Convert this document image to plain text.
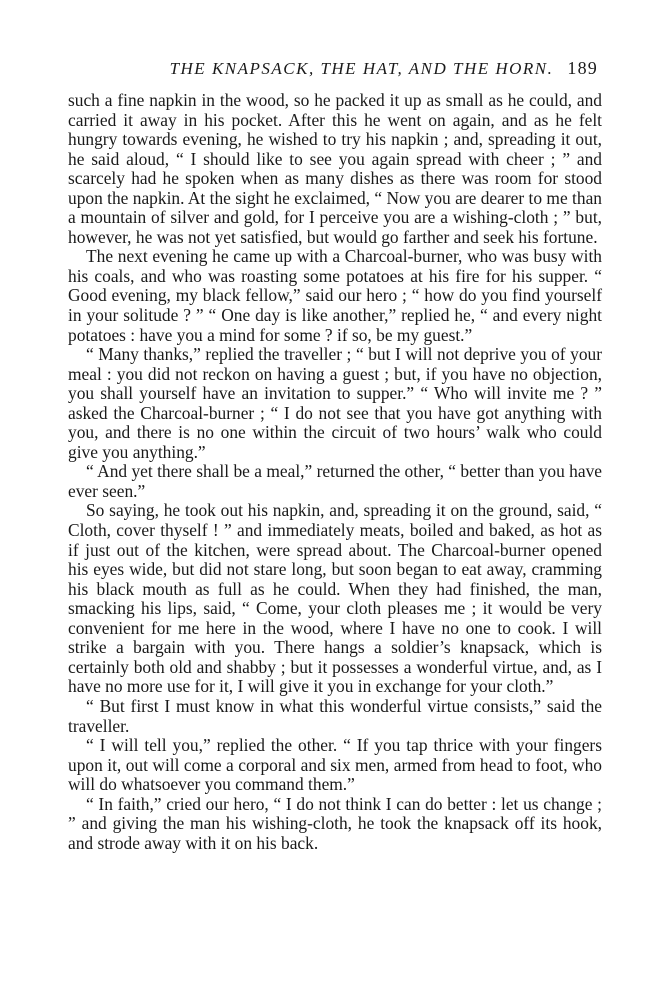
THE KNAPSACK, THE HAT, AND THE HORN. 189

such a fine napkin in the wood, so he packed it up as small as he could, and carried it away in his pocket. After this he went on again, and as he felt hungry towards evening, he wished to try his napkin ; and, spreading it out, he said aloud, “ I should like to see you again spread with cheer ; ” and scarcely had he spoken when as many dishes as there was room for stood upon the napkin. At the sight he exclaimed, “ Now you are dearer to me than a mountain of silver and gold, for I perceive you are a wishing-cloth ; ” but, however, he was not yet satisfied, but would go farther and seek his fortune.

The next evening he came up with a Charcoal-burner, who was busy with his coals, and who was roasting some potatoes at his fire for his supper. “ Good evening, my black fellow,” said our hero ; “ how do you find yourself in your solitude ? ” “ One day is like another,” replied he, “ and every night potatoes : have you a mind for some ? if so, be my guest.”

“ Many thanks,” replied the traveller ; “ but I will not deprive you of your meal : you did not reckon on having a guest ; but, if you have no objection, you shall yourself have an invitation to supper.” “ Who will invite me ? ” asked the Charcoal-burner ; “ I do not see that you have got anything with you, and there is no one within the circuit of two hours’ walk who could give you anything.”

“ And yet there shall be a meal,” returned the other, “ better than you have ever seen.”

So saying, he took out his napkin, and, spreading it on the ground, said, “ Cloth, cover thyself ! ” and immediately meats, boiled and baked, as hot as if just out of the kitchen, were spread about. The Charcoal-burner opened his eyes wide, but did not stare long, but soon began to eat away, cramming his black mouth as full as he could. When they had finished, the man, smacking his lips, said, “ Come, your cloth pleases me ; it would be very convenient for me here in the wood, where I have no one to cook. I will strike a bargain with you. There hangs a soldier’s knapsack, which is certainly both old and shabby ; but it possesses a wonderful virtue, and, as I have no more use for it, I will give it you in exchange for your cloth.”

“ But first I must know in what this wonderful virtue consists,” said the traveller.

“ I will tell you,” replied the other. “ If you tap thrice with your fingers upon it, out will come a corporal and six men, armed from head to foot, who will do whatsoever you command them.”

“ In faith,” cried our hero, “ I do not think I can do better : let us change ; ” and giving the man his wishing-cloth, he took the knapsack off its hook, and strode away with it on his back.
